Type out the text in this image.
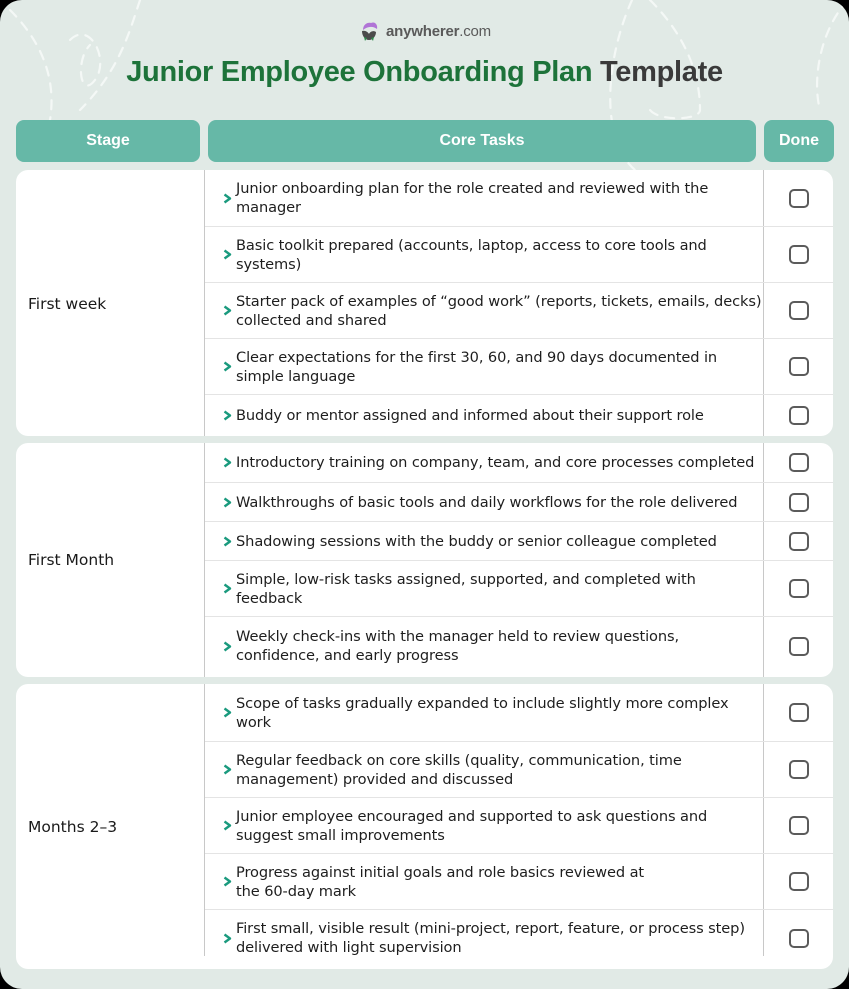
anywherer.com
Junior Employee Onboarding Plan Template
Stage	Core Tasks	Done
First week
Junior onboarding plan for the role created and reviewed with the manager
Basic toolkit prepared (accounts, laptop, access to core tools and systems)
Starter pack of examples of “good work” (reports, tickets, emails, decks) collected and shared
Clear expectations for the first 30, 60, and 90 days documented in simple language
Buddy or mentor assigned and informed about their support role
First Month
Introductory training on company, team, and core processes completed
Walkthroughs of basic tools and daily workflows for the role delivered
Shadowing sessions with the buddy or senior colleague completed
Simple, low-risk tasks assigned, supported, and completed with feedback
Weekly check-ins with the manager held to review questions, confidence, and early progress
Months 2–3
Scope of tasks gradually expanded to include slightly more complex work
Regular feedback on core skills (quality, communication, time management) provided and discussed
Junior employee encouraged and supported to ask questions and suggest small improvements
Progress against initial goals and role basics reviewed at the 60-day mark
First small, visible result (mini-project, report, feature, or process step) delivered with light supervision
